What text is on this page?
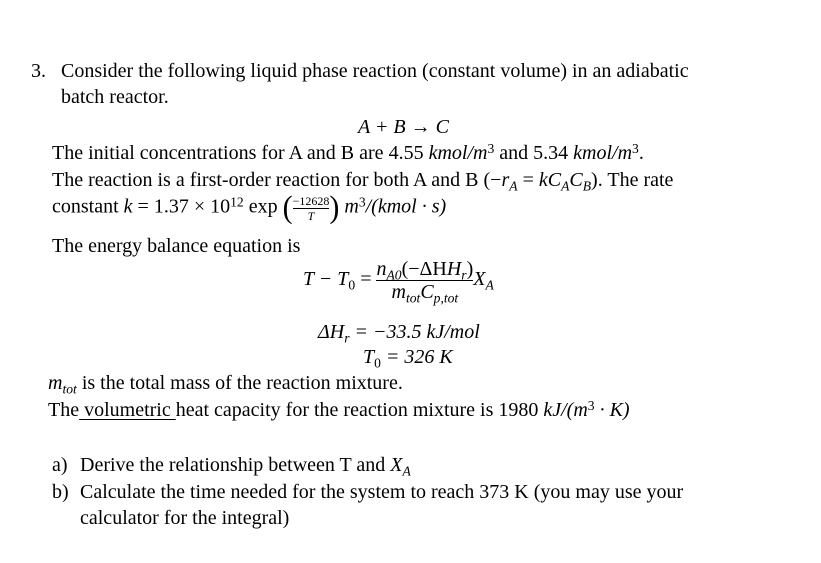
3. Consider the following liquid phase reaction (constant volume) in an adiabatic
batch reactor.
A + B → C
The initial concentrations for A and B are 4.55 kmol/$m^3$ and 5.34 kmol/$m^3$.
The reaction is a first-order reaction for both A and B $(-r_A = kC_AC_B)$. The rate
constant $k = 1.37 \times 10^{12}$ exp ( $\frac{-12628}{T}$ ) $m^3/(kmol \cdot s)$
The energy balance equation is
$T - T_0 = \frac{n_{A0}(-\Delta HH_r)}{m_{tot}C_{p,tot}} X_A$
$\Delta H_r = -33.5$ kJ/mol
$T_0 = 326$ K
$m_{tot}$ is the total mass of the reaction mixture.
The volumetric heat capacity for the reaction mixture is 1980 $kJ/(m^3 \cdot K)$
a) Derive the relationship between T and $X_A$
b) Calculate the time needed for the system to reach 373 K (you may use your
calculator for the integral)
